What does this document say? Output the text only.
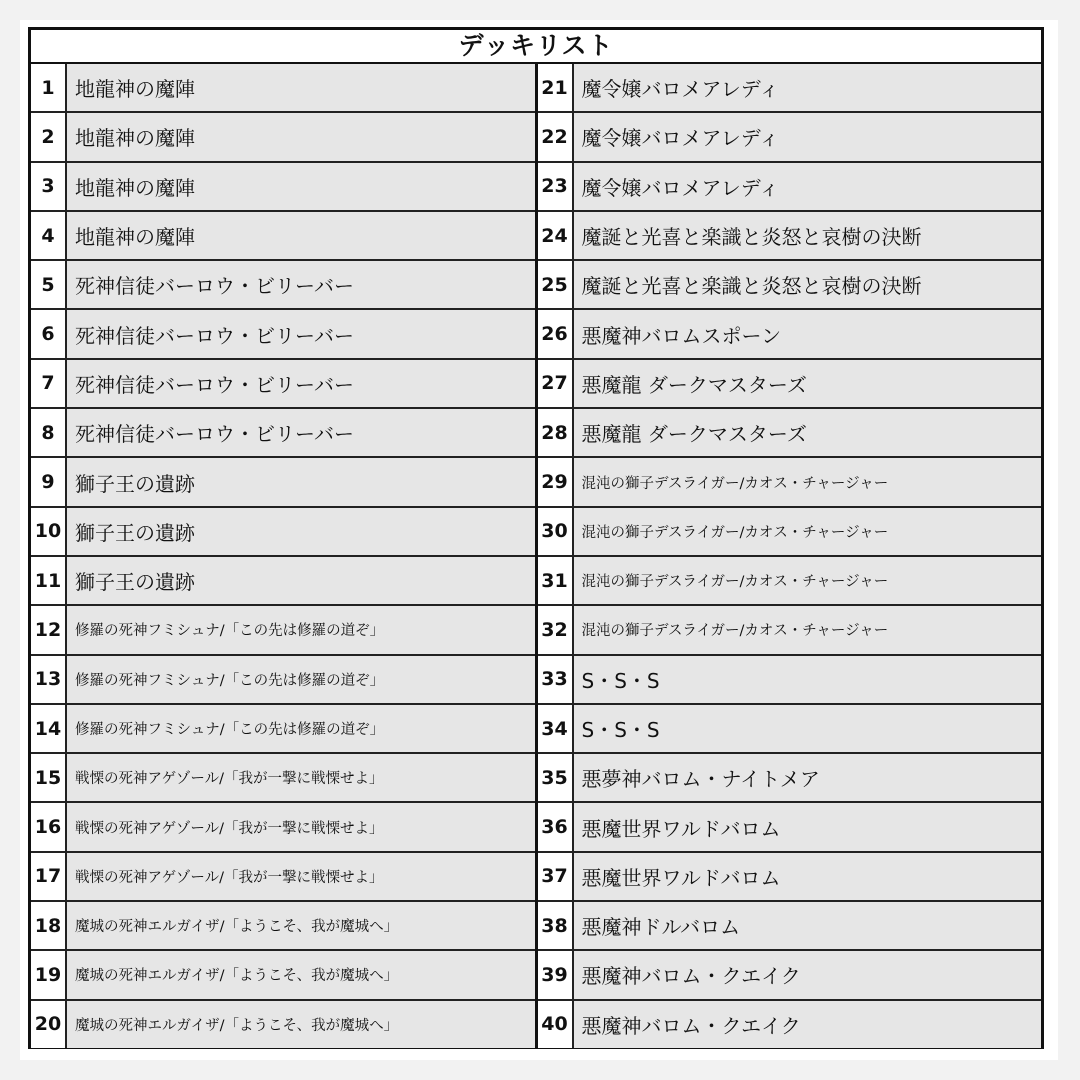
デッキリスト
1	地龍神の魔陣
2	地龍神の魔陣
3	地龍神の魔陣
4	地龍神の魔陣
5	死神信徒バーロウ・ビリーバー
6	死神信徒バーロウ・ビリーバー
7	死神信徒バーロウ・ビリーバー
8	死神信徒バーロウ・ビリーバー
9	獅子王の遺跡
10 獅子王の遺跡
11 獅子王の遺跡
12 修羅の死神フミシュナ/「この先は修羅の道ぞ」
13 修羅の死神フミシュナ/「この先は修羅の道ぞ」
14 修羅の死神フミシュナ/「この先は修羅の道ぞ」
15 戦慄の死神アゲゾール/「我が一撃に戦慄せよ」
16 戦慄の死神アゲゾール/「我が一撃に戦慄せよ」
17 戦慄の死神アゲゾール/「我が一撃に戦慄せよ」
18 魔城の死神エルガイザ/「ようこそ、我が魔城へ」
19 魔城の死神エルガイザ/「ようこそ、我が魔城へ」
20 魔城の死神エルガイザ/「ようこそ、我が魔城へ」
21 魔令嬢バロメアレディ
22 魔令嬢バロメアレディ
23 魔令嬢バロメアレディ
24 魔誕と光喜と楽識と炎怒と哀樹の決断
25 魔誕と光喜と楽識と炎怒と哀樹の決断
26 悪魔神バロムスポーン
27 悪魔龍 ダークマスターズ
28 悪魔龍 ダークマスターズ
29 混沌の獅子デスライガー/カオス・チャージャー
30 混沌の獅子デスライガー/カオス・チャージャー
31 混沌の獅子デスライガー/カオス・チャージャー
32 混沌の獅子デスライガー/カオス・チャージャー
33 S・S・S
34 S・S・S
35 悪夢神バロム・ナイトメア
36 悪魔世界ワルドバロム
37 悪魔世界ワルドバロム
38 悪魔神ドルバロム
39 悪魔神バロム・クエイク
40 悪魔神バロム・クエイク
